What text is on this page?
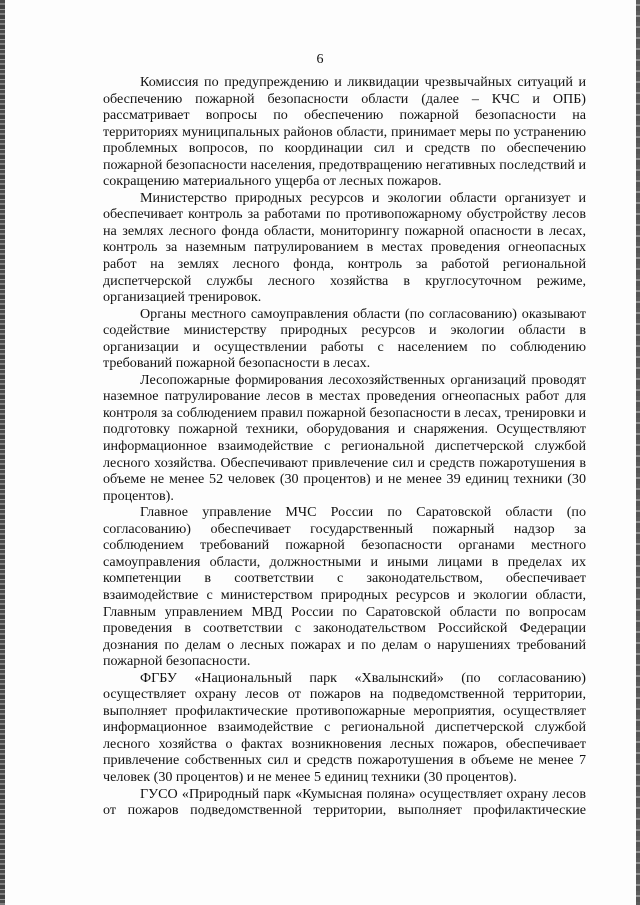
6

Комиссия по предупреждению и ликвидации чрезвычайных ситуаций и обеспечению пожарной безопасности области (далее – КЧС и ОПБ) рассматривает вопросы по обеспечению пожарной безопасности на территориях муниципальных районов области, принимает меры по устранению проблемных вопросов, по координации сил и средств по обеспечению пожарной безопасности населения, предотвращению негативных последствий и сокращению материального ущерба от лесных пожаров.

Министерство природных ресурсов и экологии области организует и обеспечивает контроль за работами по противопожарному обустройству лесов на землях лесного фонда области, мониторингу пожарной опасности в лесах, контроль за наземным патрулированием в местах проведения огнеопасных работ на землях лесного фонда, контроль за работой региональной диспетчерской службы лесного хозяйства в круглосуточном режиме, организацией тренировок.

Органы местного самоуправления области (по согласованию) оказывают содействие министерству природных ресурсов и экологии области в организации и осуществлении работы с населением по соблюдению требований пожарной безопасности в лесах.

Лесопожарные формирования лесохозяйственных организаций проводят наземное патрулирование лесов в местах проведения огнеопасных работ для контроля за соблюдением правил пожарной безопасности в лесах, тренировки и подготовку пожарной техники, оборудования и снаряжения. Осуществляют информационное взаимодействие с региональной диспетчерской службой лесного хозяйства. Обеспечивают привлечение сил и средств пожаротушения в объеме не менее 52 человек (30 процентов) и не менее 39 единиц техники (30 процентов).

Главное управление МЧС России по Саратовской области (по согласованию) обеспечивает государственный пожарный надзор за соблюдением требований пожарной безопасности органами местного самоуправления области, должностными и иными лицами в пределах их компетенции в соответствии с законодательством, обеспечивает взаимодействие с министерством природных ресурсов и экологии области, Главным управлением МВД России по Саратовской области по вопросам проведения в соответствии с законодательством Российской Федерации дознания по делам о лесных пожарах и по делам о нарушениях требований пожарной безопасности.

ФГБУ «Национальный парк «Хвалынский» (по согласованию) осуществляет охрану лесов от пожаров на подведомственной территории, выполняет профилактические противопожарные мероприятия, осуществляет информационное взаимодействие с региональной диспетчерской службой лесного хозяйства о фактах возникновения лесных пожаров, обеспечивает привлечение собственных сил и средств пожаротушения в объеме не менее 7 человек (30 процентов) и не менее 5 единиц техники (30 процентов).

ГУСО «Природный парк «Кумысная поляна» осуществляет охрану лесов от пожаров подведомственной территории, выполняет профилактические
